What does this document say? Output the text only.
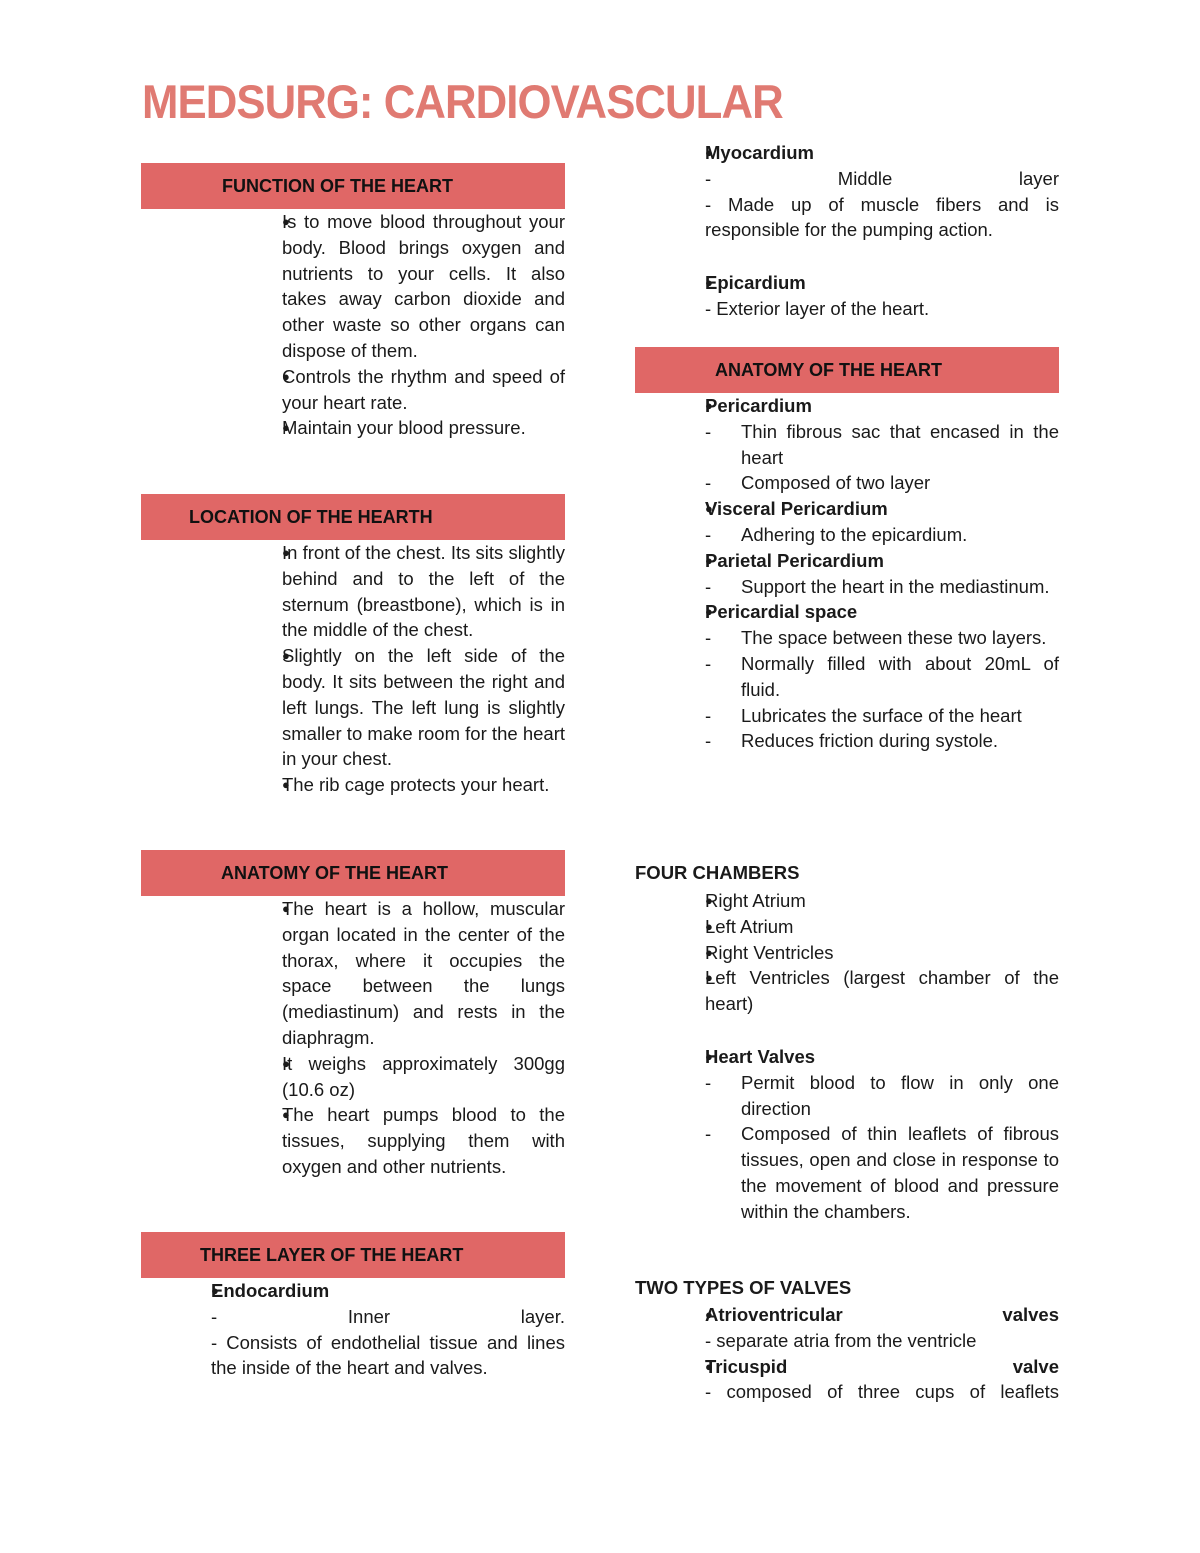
MEDSURG: CARDIOVASCULAR
FUNCTION OF THE HEART
● Is to move blood throughout your body. Blood brings oxygen and nutrients to your cells. It also takes away carbon dioxide and other waste so other organs can dispose of them.
● Controls the rhythm and speed of your heart rate.
● Maintain your blood pressure.
LOCATION OF THE HEARTH
● In front of the chest. Its sits slightly behind and to the left of the sternum (breastbone), which is in the middle of the chest.
● Slightly on the left side of the body. It sits between the right and left lungs. The left lung is slightly smaller to make room for the heart in your chest.
● The rib cage protects your heart.
ANATOMY OF THE HEART
● The heart is a hollow, muscular organ located in the center of the thorax, where it occupies the space between the lungs (mediastinum) and rests in the diaphragm.
● It weighs approximately 300gg (10.6 oz)
● The heart pumps blood to the tissues, supplying them with oxygen and other nutrients.
THREE LAYER OF THE HEART
● Endocardium
-	Inner	layer.
- Consists of endothelial tissue and lines the inside of the heart and valves.
● Myocardium
-	Middle	layer
- Made up of muscle fibers and is responsible for the pumping action.
● Epicardium
- Exterior layer of the heart.
ANATOMY OF THE HEART
● Pericardium
- Thin fibrous sac that encased in the heart
- Composed of two layer
● Visceral Pericardium
- Adhering to the epicardium.
● Parietal Pericardium
- Support the heart in the mediastinum.
● Pericardial space
- The space between these two layers.
- Normally filled with about 20mL of fluid.
- Lubricates the surface of the heart
- Reduces friction during systole.
FOUR CHAMBERS
● Right Atrium
● Left Atrium
● Right Ventricles
● Left Ventricles (largest chamber of the heart)
● Heart Valves
- Permit blood to flow in only one direction
- Composed of thin leaflets of fibrous tissues, open and close in response to the movement of blood and pressure within the chambers.
TWO TYPES OF VALVES
● Atrioventricular	valves
- separate atria from the ventricle
● Tricuspid	valve
- composed of three cups of leaflets
